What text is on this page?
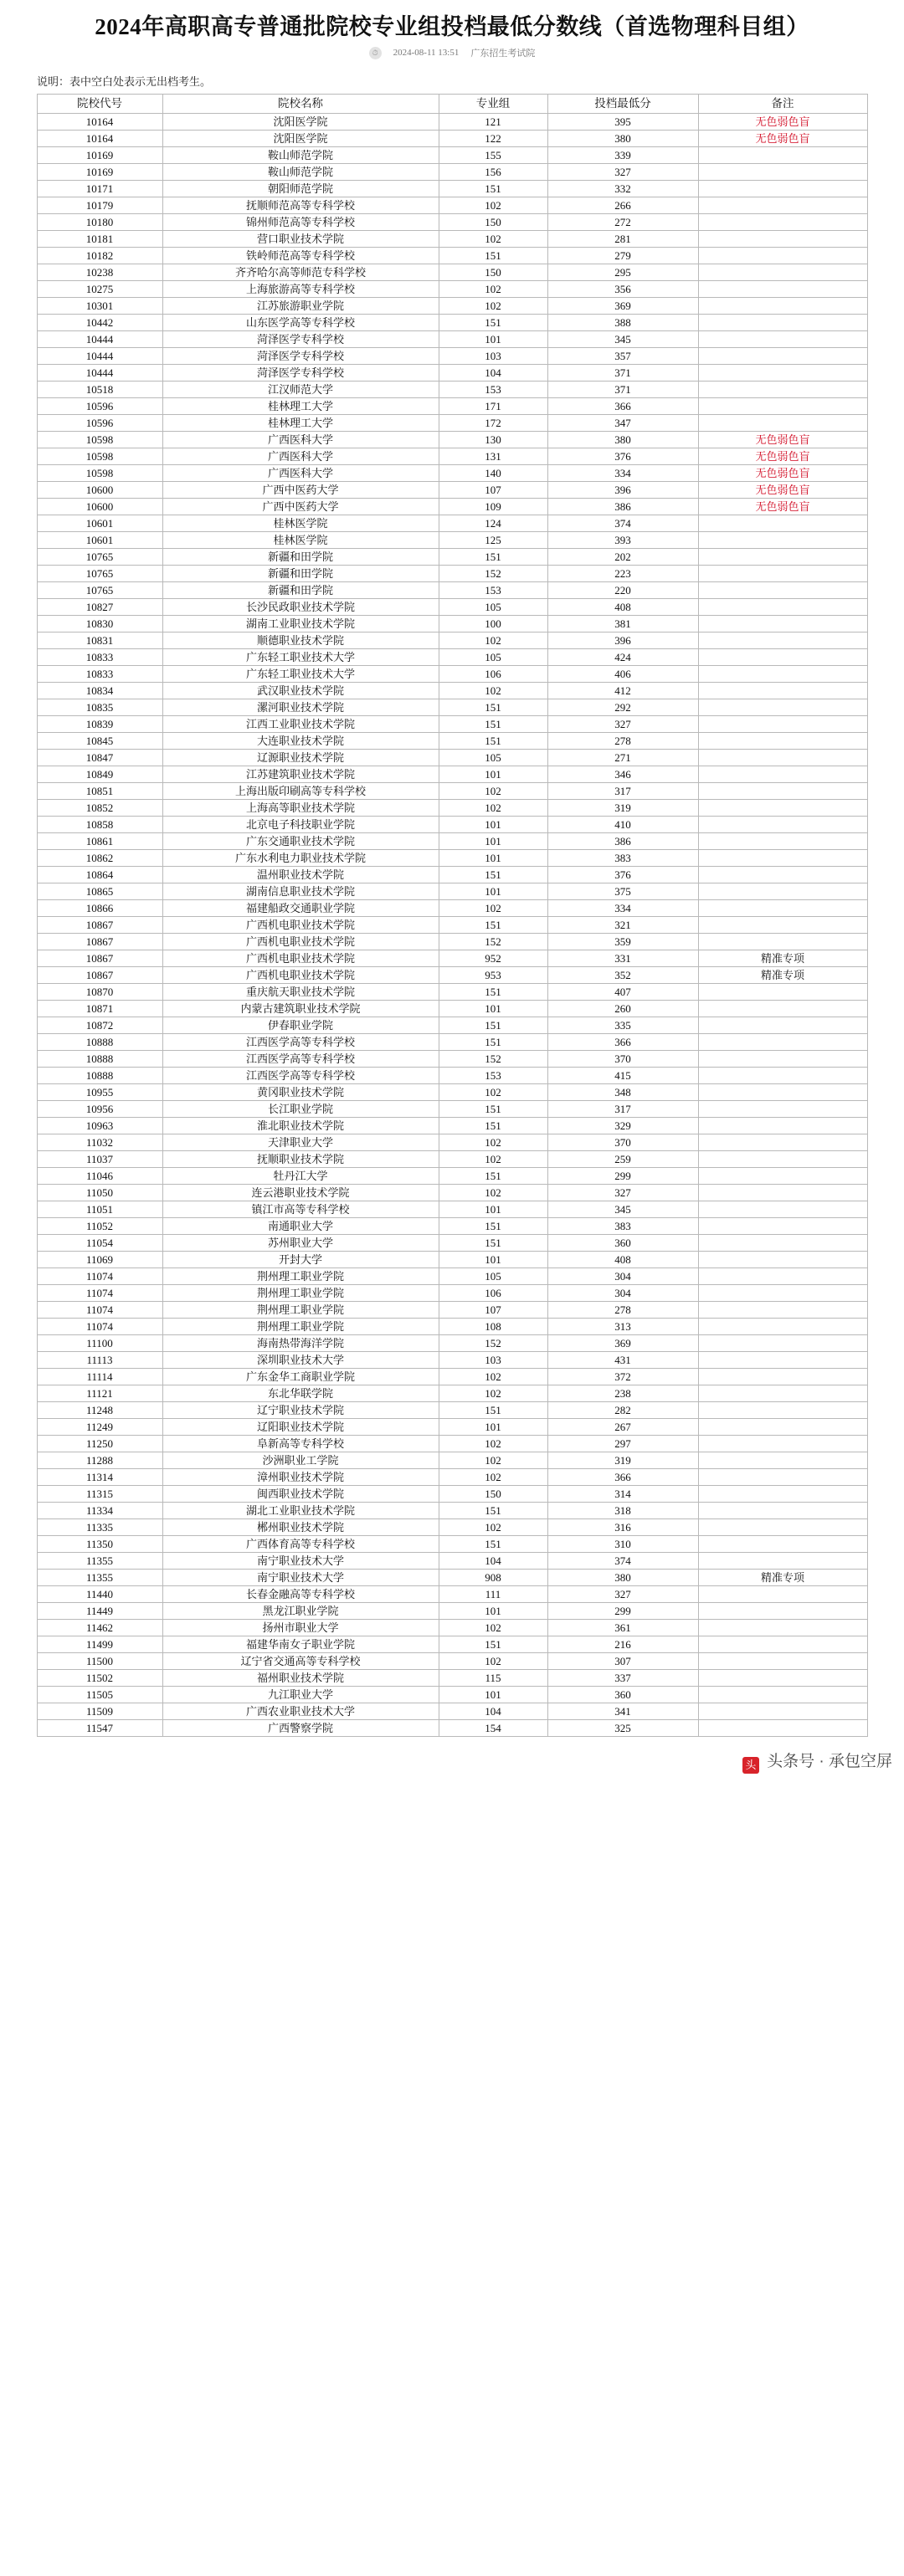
2024年高职高专普通批院校专业组投档最低分数线（首选物理科目组）
⏱	2024-08-11 13:51 广东招生考试院
说明：表中空白处表示无出档考生。
院校代号	院校名称	专业组	投档最低分	备注
10164	沈阳医学院	121	395	无色弱色盲
10164	沈阳医学院	122	380	无色弱色盲
10169	鞍山师范学院	155	339	
10169	鞍山师范学院	156	327	
10171	朝阳师范学院	151	332	
10179	抚顺师范高等专科学校	102	266	
10180	锦州师范高等专科学校	150	272	
10181	营口职业技术学院	102	281	
10182	铁岭师范高等专科学校	151	279	
10238	齐齐哈尔高等师范专科学校	150	295	
10275	上海旅游高等专科学校	102	356	
10301	江苏旅游职业学院	102	369	
10442	山东医学高等专科学校	151	388	
10444	菏泽医学专科学校	101	345	
10444	菏泽医学专科学校	103	357	
10444	菏泽医学专科学校	104	371	
10518	江汉师范大学	153	371	
10596	桂林理工大学	171	366	
10596	桂林理工大学	172	347	
10598	广西医科大学	130	380	无色弱色盲
10598	广西医科大学	131	376	无色弱色盲
10598	广西医科大学	140	334	无色弱色盲
10600	广西中医药大学	107	396	无色弱色盲
10600	广西中医药大学	109	386	无色弱色盲
10601	桂林医学院	124	374	
10601	桂林医学院	125	393	
10765	新疆和田学院	151	202	
10765	新疆和田学院	152	223	
10765	新疆和田学院	153	220	
10827	长沙民政职业技术学院	105	408	
10830	湖南工业职业技术学院	100	381	
10831	顺德职业技术学院	102	396	
10833	广东轻工职业技术大学	105	424	
10833	广东轻工职业技术大学	106	406	
10834	武汉职业技术学院	102	412	
10835	漯河职业技术学院	151	292	
10839	江西工业职业技术学院	151	327	
10845	大连职业技术学院	151	278	
10847	辽源职业技术学院	105	271	
10849	江苏建筑职业技术学院	101	346	
10851	上海出版印刷高等专科学校	102	317	
10852	上海高等职业技术学院	102	319	
10858	北京电子科技职业学院	101	410	
10861	广东交通职业技术学院	101	386	
10862	广东水利电力职业技术学院	101	383	
10864	温州职业技术学院	151	376	
10865	湖南信息职业技术学院	101	375	
10866	福建船政交通职业学院	102	334	
10867	广西机电职业技术学院	151	321	
10867	广西机电职业技术学院	152	359	
10867	广西机电职业技术学院	952	331	精准专项
10867	广西机电职业技术学院	953	352	精准专项
10870	重庆航天职业技术学院	151	407	
10871	内蒙古建筑职业技术学院	101	260	
10872	伊春职业学院	151	335	
10888	江西医学高等专科学校	151	366	
10888	江西医学高等专科学校	152	370	
10888	江西医学高等专科学校	153	415	
10955	黄冈职业技术学院	102	348	
10956	长江职业学院	151	317	
10963	淮北职业技术学院	151	329	
11032	天津职业大学	102	370	
11037	抚顺职业技术学院	102	259	
11046	牡丹江大学	151	299	
11050	连云港职业技术学院	102	327	
11051	镇江市高等专科学校	101	345	
11052	南通职业大学	151	383	
11054	苏州职业大学	151	360	
11069	开封大学	101	408	
11074	荆州理工职业学院	105	304	
11074	荆州理工职业学院	106	304	
11074	荆州理工职业学院	107	278	
11074	荆州理工职业学院	108	313	
11100	海南热带海洋学院	152	369	
11113	深圳职业技术大学	103	431	
11114	广东金华工商职业学院	102	372	
11121	东北华联学院	102	238	
11248	辽宁职业技术学院	151	282	
11249	辽阳职业技术学院	101	267	
11250	阜新高等专科学校	102	297	
11288	沙洲职业工学院	102	319	
11314	漳州职业技术学院	102	366	
11315	闽西职业技术学院	150	314	
11334	湖北工业职业技术学院	151	318	
11335	郴州职业技术学院	102	316	
11350	广西体育高等专科学校	151	310	
11355	南宁职业技术大学	104	374	
11355	南宁职业技术大学	908	380	精准专项
11440	长春金融高等专科学校	111	327	
11449	黑龙江职业学院	101	299	
11462	扬州市职业大学	102	361	
11499	福建华南女子职业学院	151	216	
11500	辽宁省交通高等专科学校	102	307	
11502	福州职业技术学院	115	337	
11505	九江职业大学	101	360	
11509	广西农业职业技术大学	104	341	
11547	广西警察学院	154	325	
头 头条号 · 承包空屏
